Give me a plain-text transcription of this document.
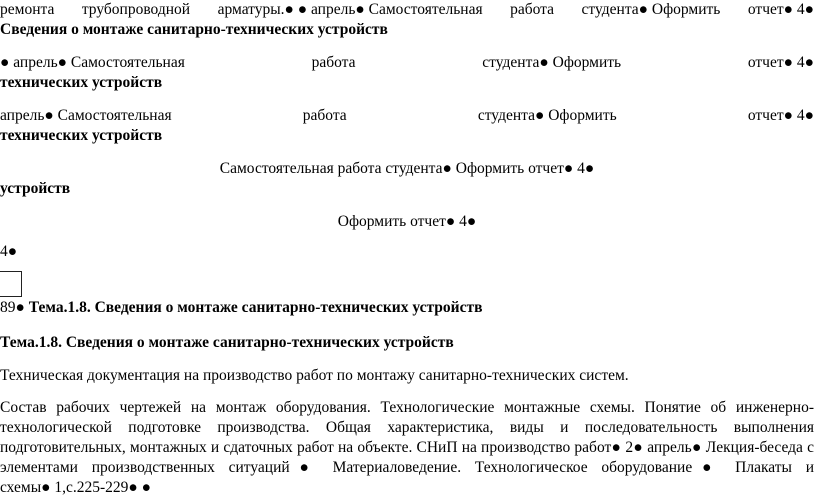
ремонта трубопроводной арматуры.● ● апрель● Самостоятельная работа студента● Оформить отчет● 4●
Сведения о монтаже санитарно-технических устройств
● апрель● Самостоятельная	работа	студента● Оформить	отчет● 4●
технических устройств
апрель● Самостоятельная	работа	студента● Оформить	отчет● 4●
технических устройств
Самостоятельная работа студента● Оформить отчет● 4●
устройств
Оформить отчет● 4●
4●
89● Тема.1.8. Сведения о монтаже санитарно-технических устройств
Тема.1.8. Сведения о монтаже санитарно-технических устройств
Техническая документация на производство работ по монтажу санитарно-технических систем.
Состав рабочих чертежей на монтаж оборудования. Технологические монтажные схемы. Понятие об инженерно-
технологической подготовке производства. Общая характеристика, виды и последовательность выполнения
подготовительных, монтажных и сдаточных работ на объекте. СНиП на производство работ● 2● апрель● Лекция-беседа с
элементами производственных ситуаций● Материаловедение. Технологическое оборудование● Плакаты и
схемы● 1,с.225-229● ●
